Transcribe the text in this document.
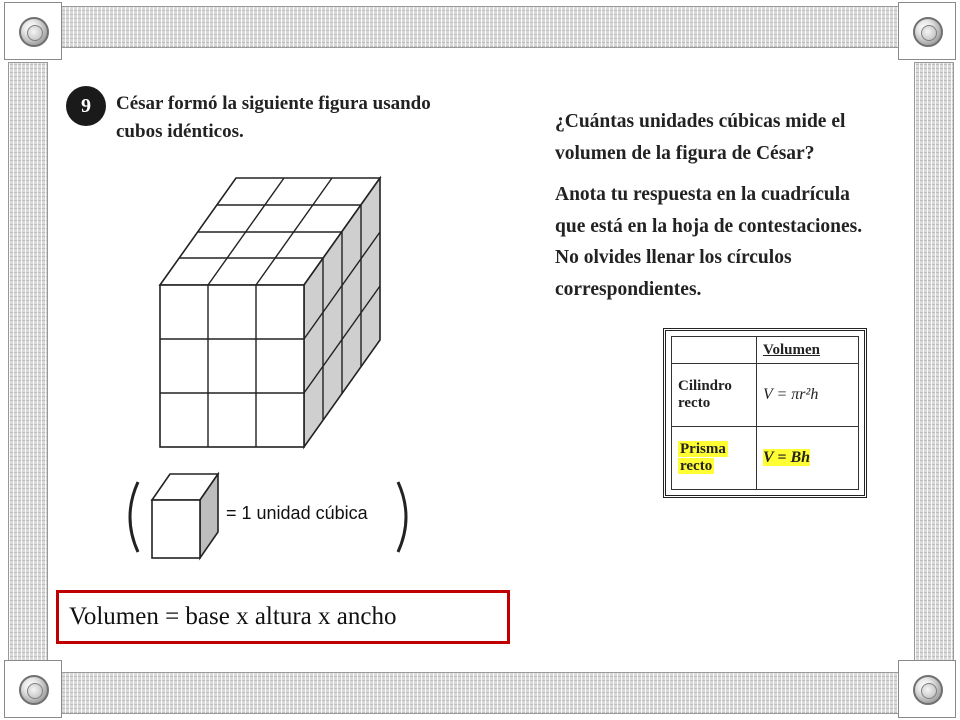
9	César formó la siguiente figura usando
cubos idénticos.	¿Cuántas unidades cúbicas mide el
volumen de la figura de César?

Anota tu respuesta en la cuadrícula
que está en la hoja de contestaciones.
No olvides llenar los círculos
correspondientes.

= 1 unidad cúbica
	Volumen
Cilindro
recto	V = πr²h
Prisma
recto	V = Bh
Volumen = base x altura x ancho
